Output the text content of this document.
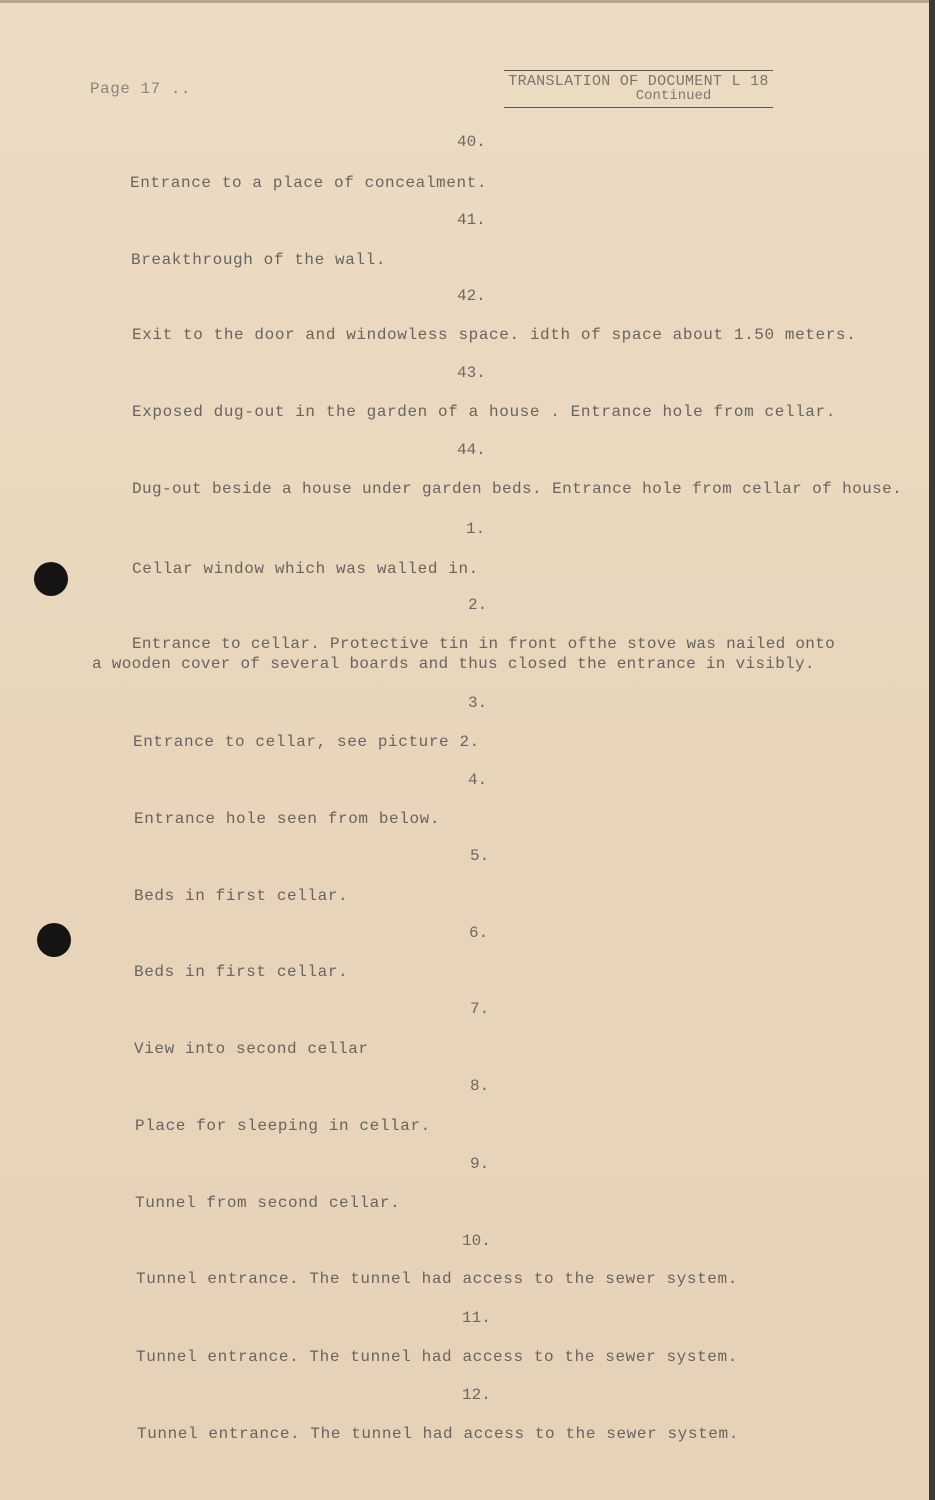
Page 17 ..	TRANSLATION OF DOCUMENT L 18
Continued
40.
Entrance to a place of concealment.
41.
Breakthrough of the wall.
42.
Exit to the door and windowless space. idth of space about 1.50 meters.
43.
Exposed dug-out in the garden of a house . Entrance hole from cellar.
44.
Dug-out beside a house under garden beds. Entrance hole from cellar of house.
1.
Cellar window which was walled in.
2.
Entrance to cellar. Protective tin in front ofthe stove was nailed onto a wooden cover of several boards and thus closed the entrance in visibly.
3.
Entrance to cellar, see picture 2.
4.
Entrance hole seen from below.
5.
Beds in first cellar.
6.
Beds in first cellar.
7.
View into second cellar
8.
Place for sleeping in cellar.
9.
Tunnel from second cellar.
10.
Tunnel entrance. The tunnel had access to the sewer system.
11.
Tunnel entrance. The tunnel had access to the sewer system.
12.
Tunnel entrance. The tunnel had access to the sewer system.
